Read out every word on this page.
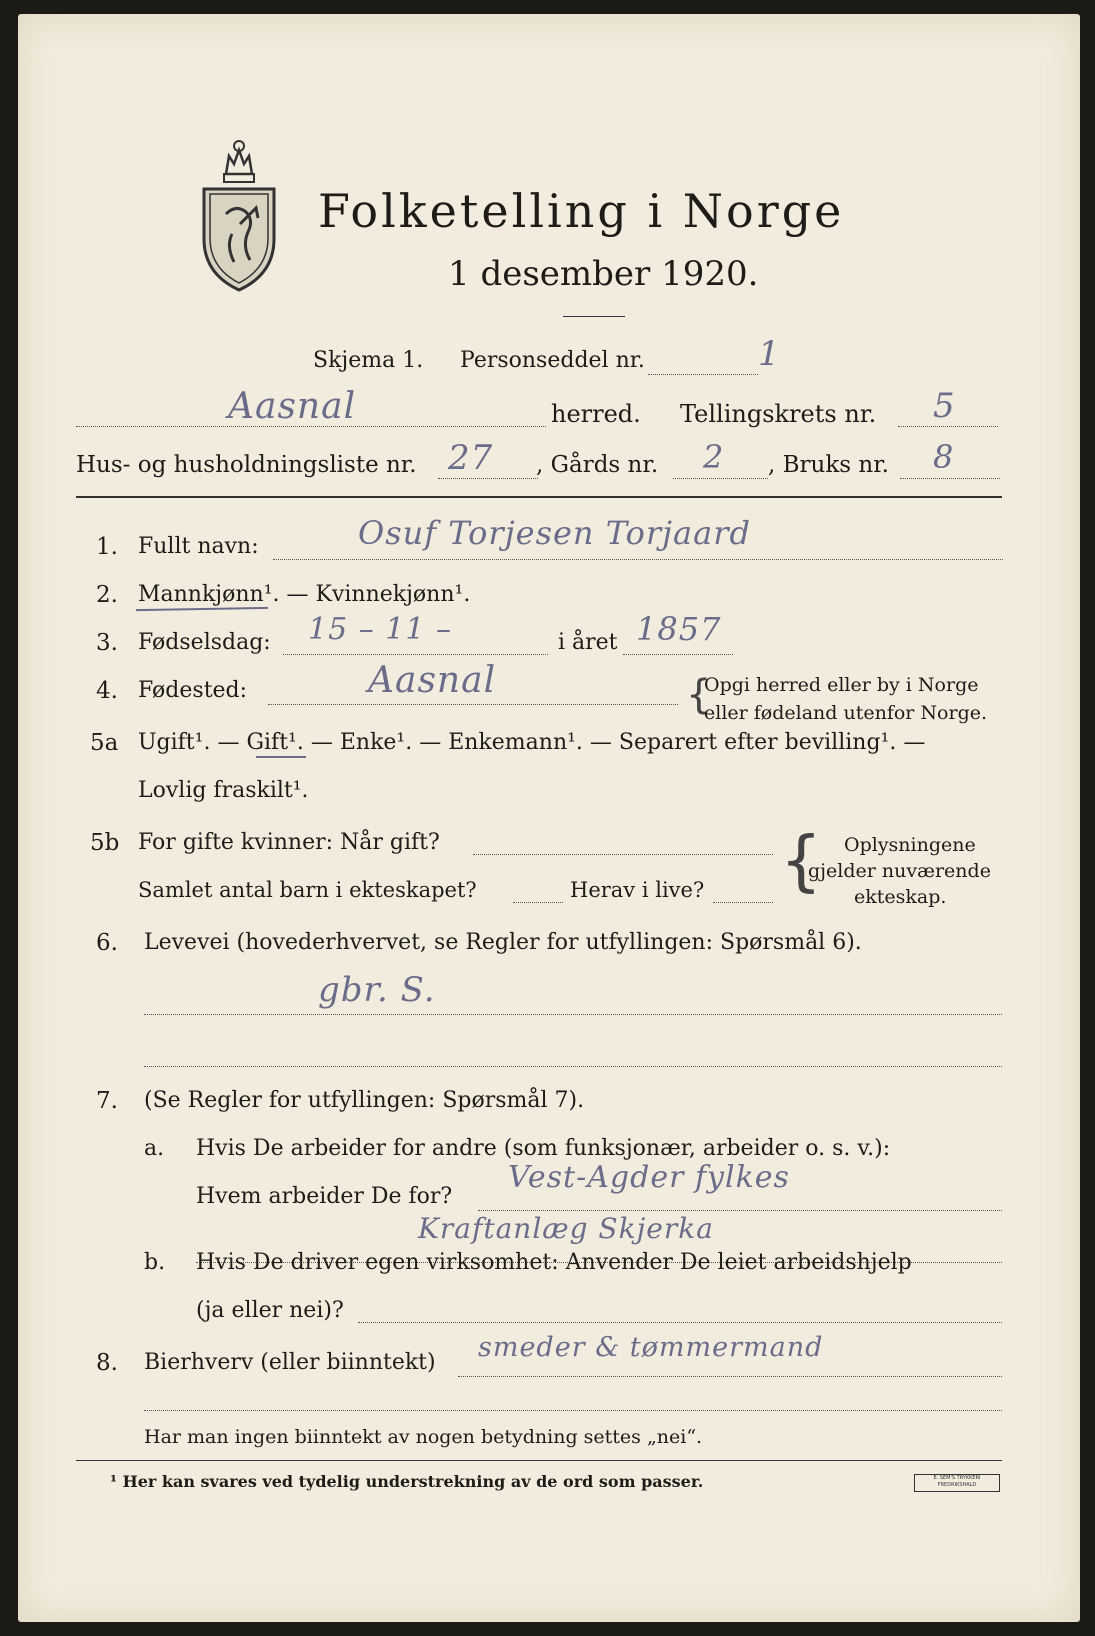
Folketelling i Norge
1 desember 1920.
Skjema 1. Personseddel nr.	1
Aasnal	herred. Tellingskrets nr. 5
Hus- og husholdningsliste nr. 27 , Gårds nr. 2 , Bruks nr. 8
1. Fullt navn:	Osuf Torjesen Torjaard
2. Mannkjønn¹. — Kvinnekjønn¹.
3. Fødselsdag: 15 – 11 –	i året 1857
4. Fødested:	Aasnal	{
Opgi herred eller by i Norge
eller fødeland utenfor Norge.
5a Ugift¹. — Gift¹. — Enke¹. — Enkemann¹. — Separert efter bevilling¹. —
Lovlig fraskilt¹.
5b For gifte kvinner: Når gift?
Samlet antal barn i ekteskapet?	Herav i live? { Oplysningene
gjelder nuværende
ekteskap.
6. Levevei (hovederhvervet, se Regler for utfyllingen: Spørsmål 6).
gbr. S.
7. (Se Regler for utfyllingen: Spørsmål 7).
a. Hvis De arbeider for andre (som funksjonær, arbeider o. s. v.):
Hvem arbeider De for?
Vest-Agder fylkes
Kraftanlæg Skjerka
b. Hvis De driver egen virksomhet: Anvender De leiet arbeidshjelp
(ja eller nei)?
8. Bierhverv (eller biinntekt) smeder & tømmermand
Har man ingen biinntekt av nogen betydning settes „nei“.
¹ Her kan svares ved tydelig understrekning av de ord som passer.	E. SEM'S TRYKKERI FREDRIKSHALD
